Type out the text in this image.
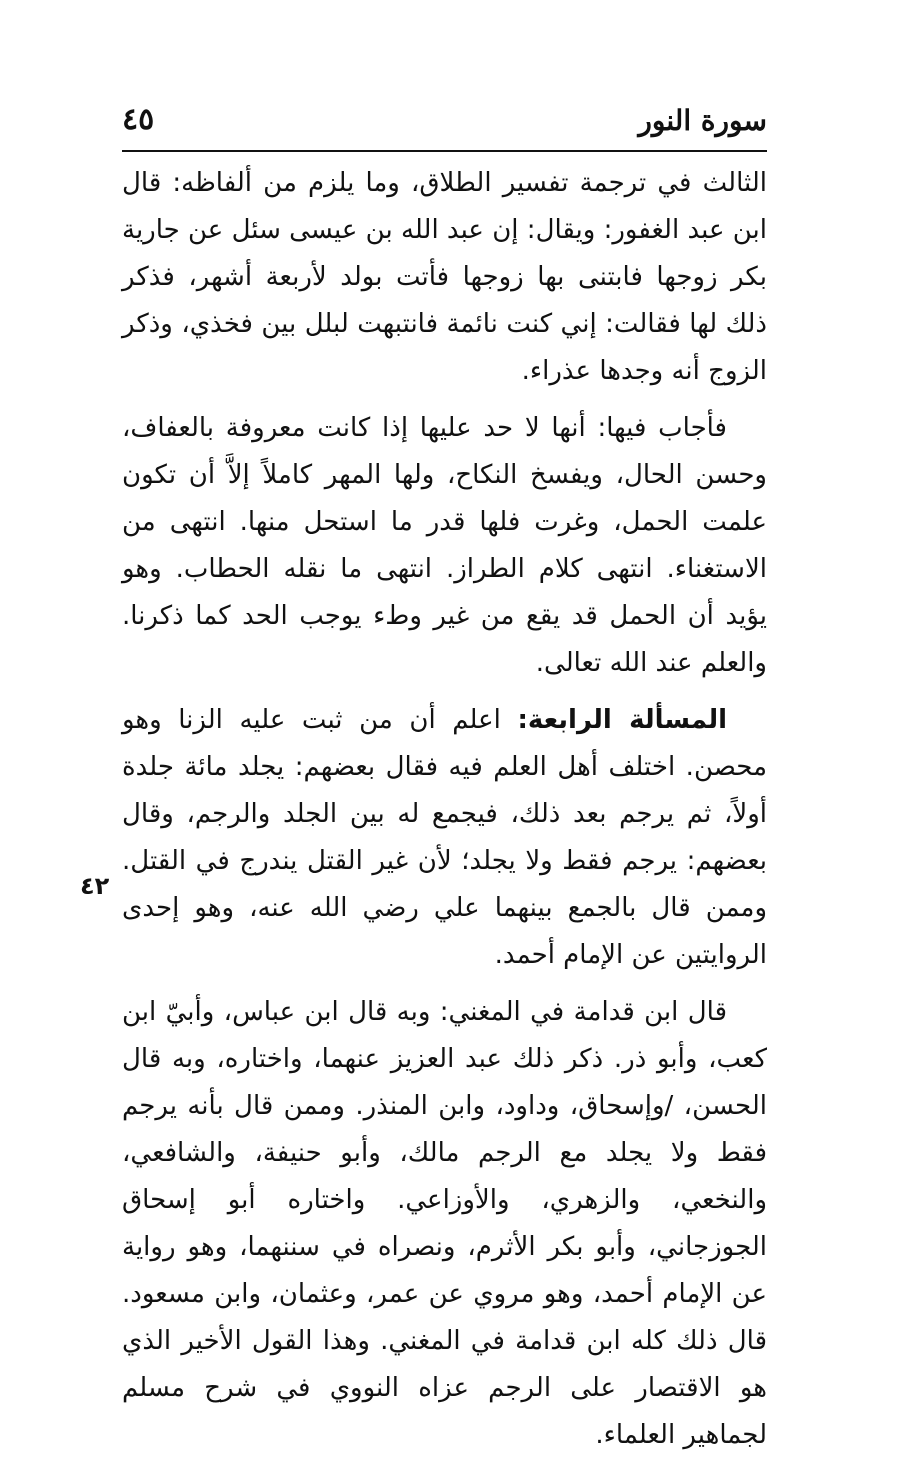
سورة النور
٤٥
٤٢

الثالث في ترجمة تفسير الطلاق، وما يلزم من ألفاظه: قال ابن عبد الغفور: ويقال: إن عبد الله بن عيسى سئل عن جارية بكر زوجها فابتنى بها زوجها فأتت بولد لأربعة أشهر، فذكر ذلك لها فقالت: إني كنت نائمة فانتبهت لبلل بين فخذي، وذكر الزوج أنه وجدها عذراء.

فأجاب فيها: أنها لا حد عليها إذا كانت معروفة بالعفاف، وحسن الحال، ويفسخ النكاح، ولها المهر كاملاً إلاَّ أن تكون علمت الحمل، وغرت فلها قدر ما استحل منها. انتهى من الاستغناء. انتهى كلام الطراز. انتهى ما نقله الحطاب. وهو يؤيد أن الحمل قد يقع من غير وطء يوجب الحد كما ذكرنا. والعلم عند الله تعالى.

المسألة الرابعة: اعلم أن من ثبت عليه الزنا وهو محصن. اختلف أهل العلم فيه فقال بعضهم: يجلد مائة جلدة أولاً، ثم يرجم بعد ذلك، فيجمع له بين الجلد والرجم، وقال بعضهم: يرجم فقط ولا يجلد؛ لأن غير القتل يندرج في القتل. وممن قال بالجمع بينهما علي رضي الله عنه، وهو إحدى الروايتين عن الإمام أحمد.

قال ابن قدامة في المغني: وبه قال ابن عباس، وأبيّ ابن كعب، وأبو ذر. ذكر ذلك عبد العزيز عنهما، واختاره، وبه قال الحسن، /وإسحاق، وداود، وابن المنذر. وممن قال بأنه يرجم فقط ولا يجلد مع الرجم مالك، وأبو حنيفة، والشافعي، والنخعي، والزهري، والأوزاعي. واختاره أبو إسحاق الجوزجاني، وأبو بكر الأثرم، ونصراه في سننهما، وهو رواية عن الإمام أحمد، وهو مروي عن عمر، وعثمان، وابن مسعود. قال ذلك كله ابن قدامة في المغني. وهذا القول الأخير الذي هو الاقتصار على الرجم عزاه النووي في شرح مسلم لجماهير العلماء.
